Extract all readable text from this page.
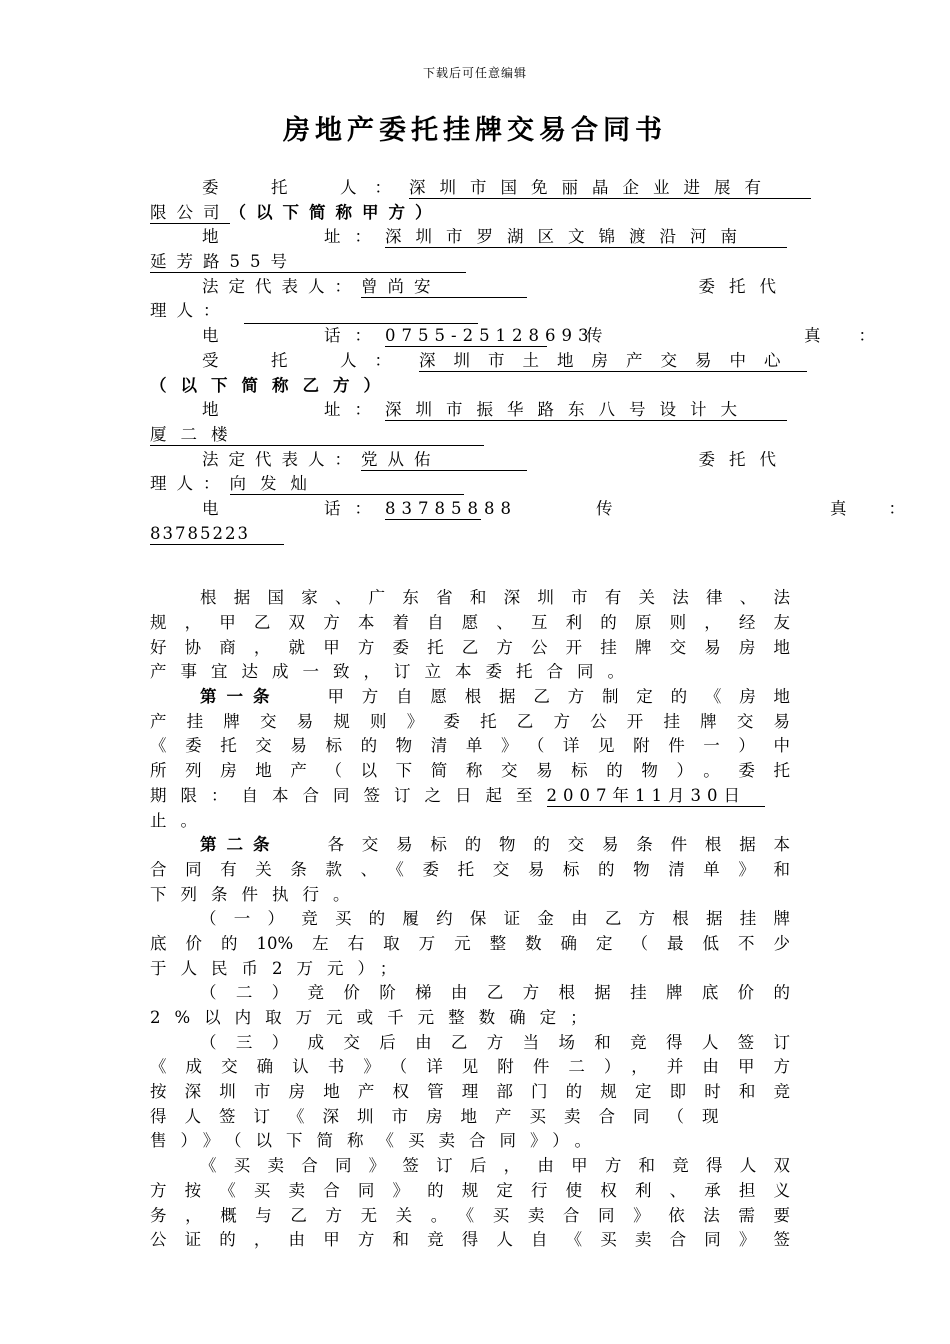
下载后可任意编辑
房地产委托挂牌交易合同书
委　托　人：深圳市国免丽晶企业进展有
限公司（以下简称甲方）
地　　　址：深圳市罗湖区文锦渡沿河南
延芳路55号
法定代表人：曾尚安	委托代
理人：
电　　　话：0755-25128693
传　　　真：
受　托　人： 深圳市土地房产交易中心
（以下简称乙方）
地　　　址：深圳市振华路东八号设计大
厦二楼
法定代表人：党从佑	委托代
理人：向发灿
电　　　话：83785888	传　　　真：
83785223
根据国家、广东省和深圳市有关法律、法
规，甲乙双方本着自愿、互利的原则，经友
好协商，就甲方委托乙方公开挂牌交易房地
产事宜达成一致，订立本委托合同。
第一条	甲方自愿根据乙方制定的《房地
产挂牌交易规则》委托乙方公开挂牌交易
《委托交易标的物清单》（详见附件一）中
所列房地产（以下简称交易标的物）。委托
期限：自本合同签订之日起至2007年11月30日
止。
第二条	各交易标的物的交易条件根据本
合同有关条款、《委托交易标的物清单》和
下列条件执行。
（一）竞买的履约保证金由乙方根据挂牌
底价的10%左右取万元整数确定（最低不少
于人民币2万元）；
（二）竞价阶梯由乙方根据挂牌底价的
2%以内取万元或千元整数确定；
（三）成交后由乙方当场和竞得人签订
《成交确认书》（详见附件二），并由甲方
按深圳市房地产权管理部门的规定即时和竞
得人签订《深圳市房地产买卖合同（现
售）》（以下简称《买卖合同》）。
《买卖合同》签订后，由甲方和竞得人双
方按《买卖合同》的规定行使权利、承担义
务，概与乙方无关。《买卖合同》依法需要
公证的，由甲方和竞得人自《买卖合同》签
